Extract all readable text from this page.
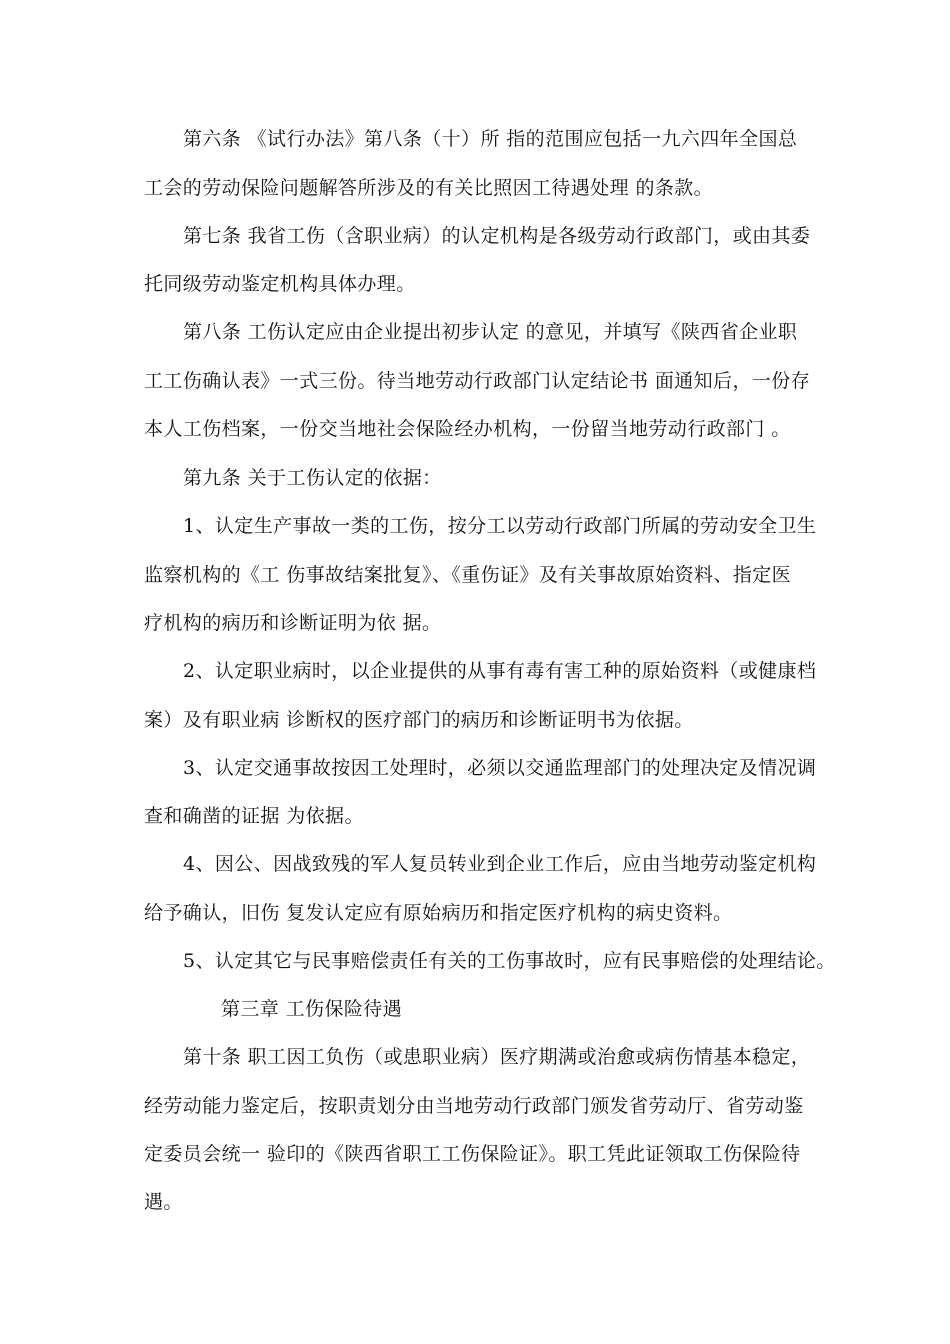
第六条 《试行办法》第八条（十）所 指的范围应包括一九六四年全国总
工会的劳动保险问题解答所涉及的有关比照因工待遇处理 的条款。
第七条 我省工伤（含职业病）的认定机构是各级劳动行政部门，或由其委
托同级劳动鉴定机构具体办理。
第八条 工伤认定应由企业提出初步认定 的意见，并填写《陕西省企业职
工工伤确认表》一式三份。待当地劳动行政部门认定结论书 面通知后，一份存
本人工伤档案，一份交当地社会保险经办机构，一份留当地劳动行政部门 。
第九条 关于工伤认定的依据：
1、认定生产事故一类的工伤，按分工以劳动行政部门所属的劳动安全卫生
监察机构的《工 伤事故结案批复》、《重伤证》及有关事故原始资料、指定医
疗机构的病历和诊断证明为依 据。
2、认定职业病时，以企业提供的从事有毒有害工种的原始资料（或健康档
案）及有职业病 诊断权的医疗部门的病历和诊断证明书为依据。
3、认定交通事故按因工处理时，必须以交通监理部门的处理决定及情况调
查和确凿的证据 为依据。
4、因公、因战致残的军人复员转业到企业工作后，应由当地劳动鉴定机构
给予确认，旧伤 复发认定应有原始病历和指定医疗机构的病史资料。
5、认定其它与民事赔偿责任有关的工伤事故时，应有民事赔偿的处理结论。
第三章 工伤保险待遇
第十条 职工因工负伤（或患职业病）医疗期满或治愈或病伤情基本稳定，
经劳动能力鉴定后，按职责划分由当地劳动行政部门颁发省劳动厅、省劳动鉴
定委员会统一 验印的《陕西省职工工伤保险证》。职工凭此证领取工伤保险待
遇。
